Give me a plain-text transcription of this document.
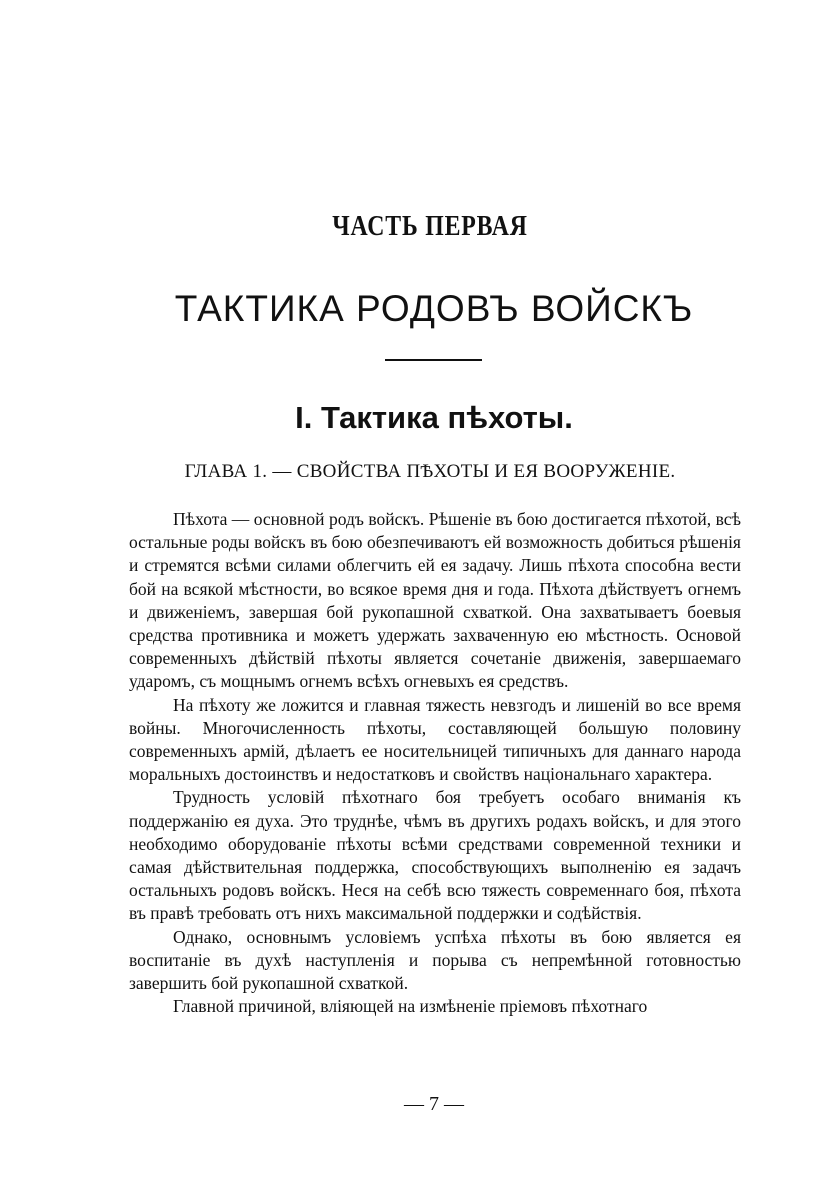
ЧАСТЬ ПЕРВАЯ
ТАКТИКА РОДОВЪ ВОЙСКЪ
I. Тактика пѣхоты.
ГЛАВА 1. — СВОЙСТВА ПѢХОТЫ И ЕЯ ВООРУЖЕНІЕ.

Пѣхота — основной родъ войскъ. Рѣшеніе въ бою достигается пѣхотой, всѣ остальные роды войскъ въ бою обезпечиваютъ ей возможность добиться рѣшенія и стремятся всѣми силами облегчить ей ея задачу. Лишь пѣхота способна вести бой на всякой мѣстности, во всякое время дня и года. Пѣхота дѣйствуетъ огнемъ и движеніемъ, завершая бой рукопашной схваткой. Она захватываетъ боевыя средства противника и можетъ удержать захваченную ею мѣстность. Основой современныхъ дѣйствій пѣхоты является сочетаніе движенія, завершаемаго ударомъ, съ мощнымъ огнемъ всѣхъ огневыхъ ея средствъ.

На пѣхоту же ложится и главная тяжесть невзгодъ и лишеній во все время войны. Многочисленность пѣхоты, составляющей большую половину современныхъ армій, дѣлаетъ ее носительницей типичныхъ для даннаго народа моральныхъ достоинствъ и недостатковъ и свойствъ національнаго характера.

Трудность условій пѣхотнаго боя требуетъ особаго вниманія къ поддержанію ея духа. Это труднѣе, чѣмъ въ другихъ родахъ войскъ, и для этого необходимо оборудованіе пѣхоты всѣми средствами современной техники и самая дѣйствительная поддержка, способствующихъ выполненію ея задачъ остальныхъ родовъ войскъ. Неся на себѣ всю тяжесть современнаго боя, пѣхота въ правѣ требовать отъ нихъ максимальной поддержки и содѣйствія.

Однако, основнымъ условіемъ успѣха пѣхоты въ бою является ея воспитаніе въ духѣ наступленія и порыва съ непремѣнной готовностью завершить бой рукопашной схваткой.

Главной причиной, вліяющей на измѣненіе пріемовъ пѣхотнаго

— 7 —
